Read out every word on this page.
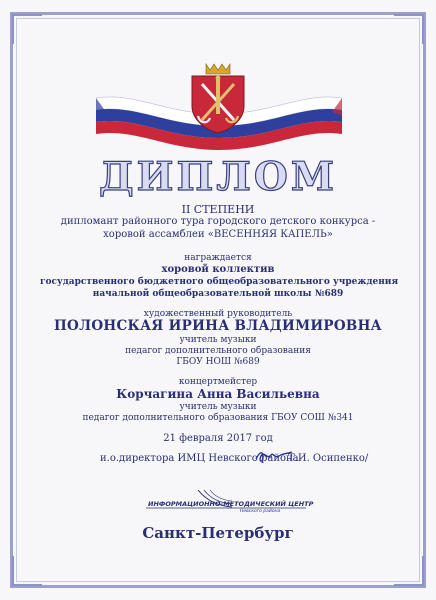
ДИПЛОМ
II СТЕПЕНИ
дипломант районного тура городского детского конкурса -
хоровой ассамблеи «ВЕСЕННЯЯ КАПЕЛЬ»
награждается
хоровой коллектив
государственного бюджетного общеобразовательного учреждения
начальной общеобразовательной школы №689
художественный руководитель
ПОЛОНСКАЯ ИРИНА ВЛАДИМИРОВНА
учитель музыки
педагог дополнительного образования
ГБОУ НОШ №689
концертмейстер
Корчагина Анна Васильевна
учитель музыки
педагог дополнительного образования ГБОУ СОШ №341
21 февраля 2017 год
и.о.директора ИМЦ Невского района
Т.И. Осипенко/
ИНФОРМАЦИОННО-МЕТОДИЧЕСКИЙ ЦЕНТР
Невского района
Санкт-Петербург
